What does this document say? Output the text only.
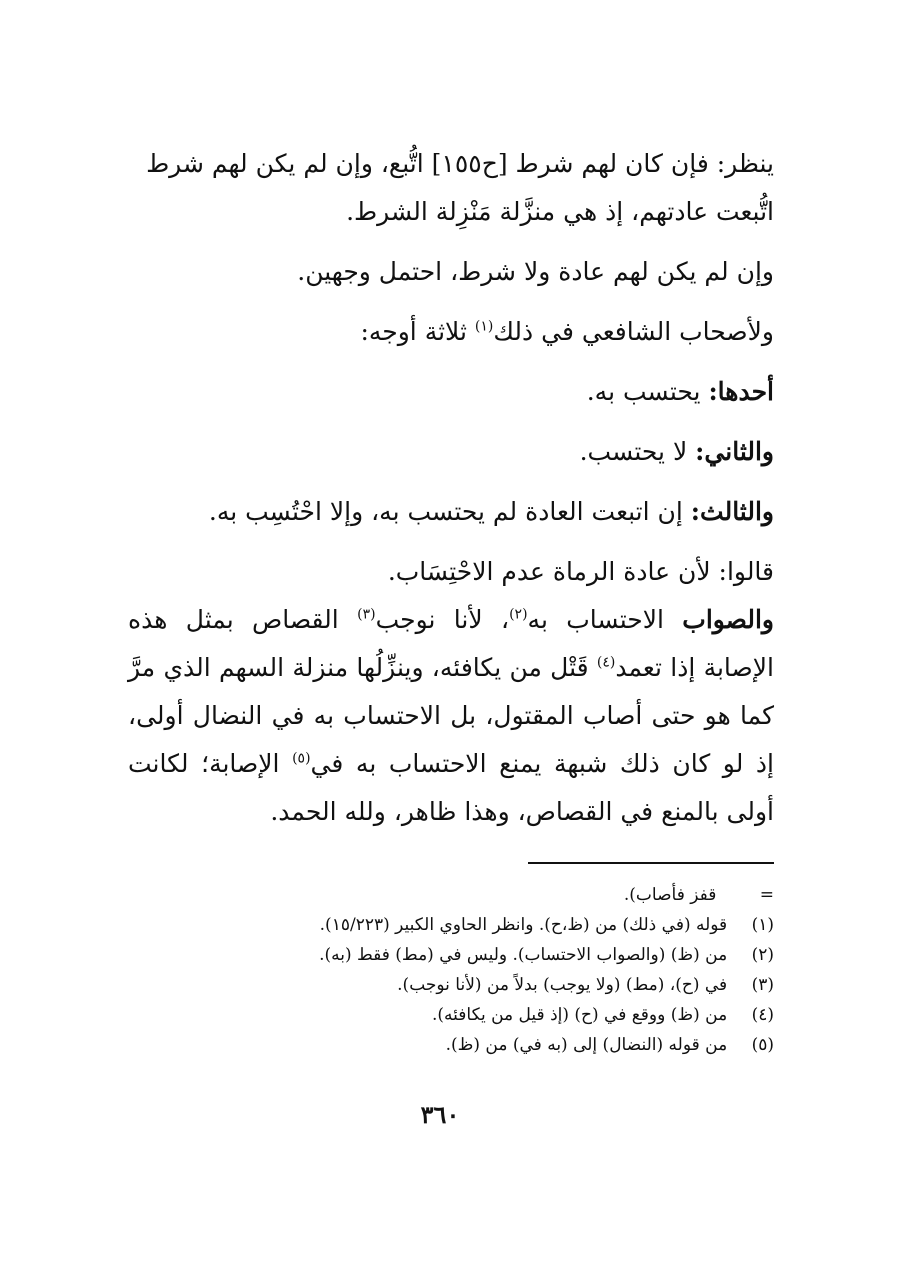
ينظر: فإن كان لهم شرط [ح١٥٥] اتُّبع، وإن لم يكن لهم شرط

اتُّبعت عادتهم، إذ هي منزَّلة مَنْزِلة الشرط.

وإن لم يكن لهم عادة ولا شرط، احتمل وجهين.

ولأصحاب الشافعي في ذلك$^{(١)}$ ثلاثة أوجه:

أحدها: يحتسب به.

والثاني: لا يحتسب.

والثالث: إن اتبعت العادة لم يحتسب به، وإلا احْتُسِب به.

قالوا: لأن عادة الرماة عدم الاحْتِسَاب.

والصواب الاحتساب به$^{(٢)}$، لأنا نوجب$^{(٣)}$ القصاص بمثل هذه الإصابة إذا تعمد$^{(٤)}$ قَتْل من يكافئه، وينزِّلُها منزلة السهم الذي مرَّ كما هو حتى أصاب المقتول، بل الاحتساب به في النضال أولى، إذ لو كان ذلك شبهة يمنع الاحتساب به في$^{(٥)}$ الإصابة؛ لكانت أولى بالمنع في القصاص، وهذا ظاهر، ولله الحمد.

=    قفز فأصاب).

(١)  قوله (في ذلك) من (ظ،ح). وانظر الحاوي الكبير (١٥/٢٢٣).

(٢)  من (ظ) (والصواب الاحتساب). وليس في (مط) فقط (به).

(٣)  في (ح)، (مط) (ولا يوجب) بدلاً من (لأنا نوجب).

(٤)  من (ظ) ووقع في (ح) (إذ قيل من يكافئه).

(٥)  من قوله (النضال) إلى (به في) من (ظ).

٣٦٠
